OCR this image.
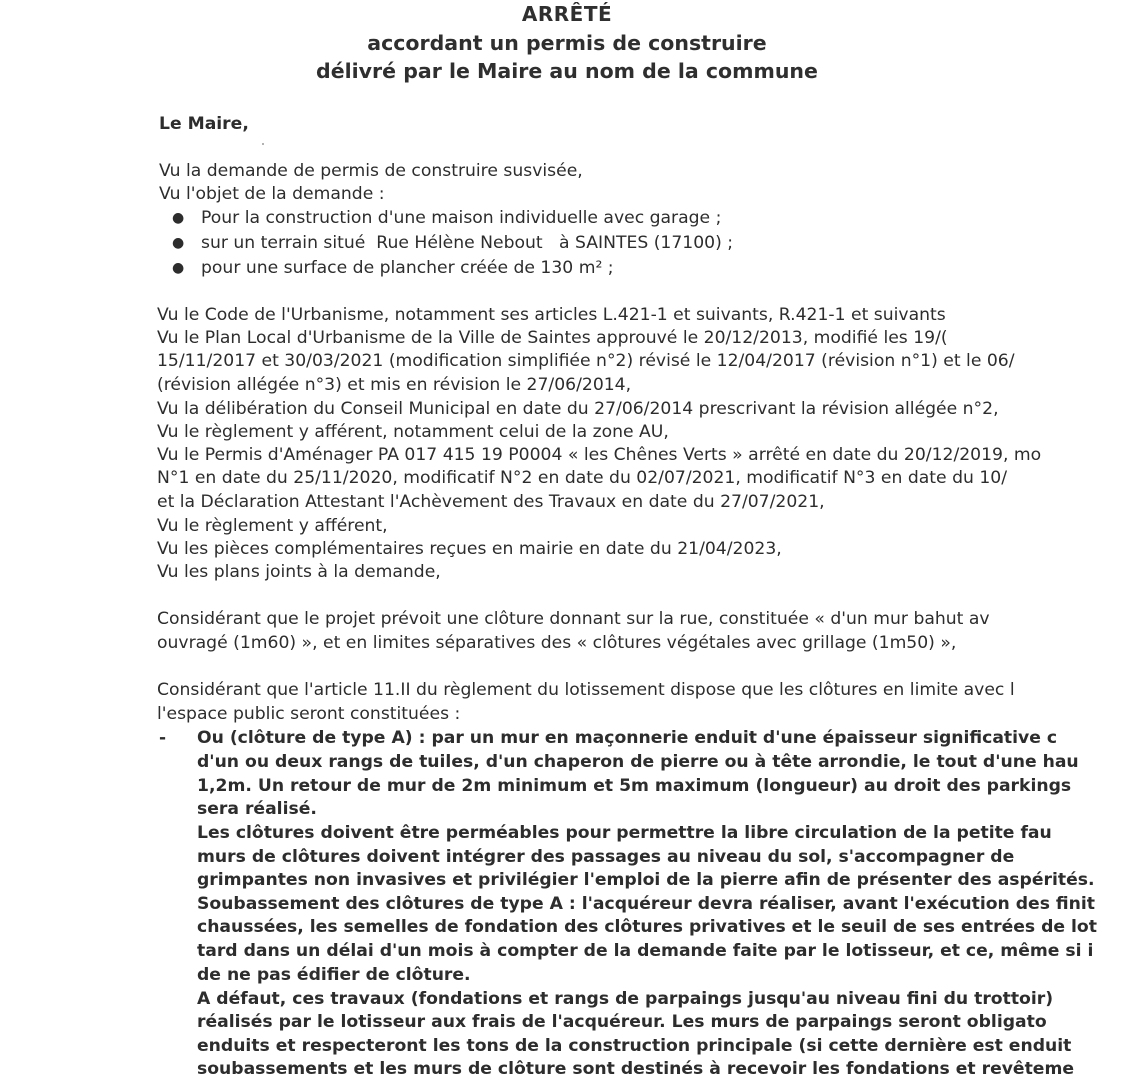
ARRÊTÉ
accordant un permis de construire
délivré par le Maire au nom de la commune
Le Maire,
Vu la demande de permis de construire susvisée,
Vu l'objet de la demande :
● Pour la construction d'une maison individuelle avec garage ;
● sur un terrain situé  Rue Hélène Nebout   à SAINTES (17100) ;
● pour une surface de plancher créée de 130 m² ;
Vu le Code de l'Urbanisme, notamment ses articles L.421-1 et suivants, R.421-1 et suivants
Vu le Plan Local d'Urbanisme de la Ville de Saintes approuvé le 20/12/2013, modifié les 19/(
15/11/2017 et 30/03/2021 (modification simplifiée n°2) révisé le 12/04/2017 (révision n°1) et le 06/
(révision allégée n°3) et mis en révision le 27/06/2014,
Vu la délibération du Conseil Municipal en date du 27/06/2014 prescrivant la révision allégée n°2,
Vu le règlement y afférent, notamment celui de la zone AU,
Vu le Permis d'Aménager PA 017 415 19 P0004 « les Chênes Verts » arrêté en date du 20/12/2019, mo
N°1 en date du 25/11/2020, modificatif N°2 en date du 02/07/2021, modificatif N°3 en date du 10/
et la Déclaration Attestant l'Achèvement des Travaux en date du 27/07/2021,
Vu le règlement y afférent,
Vu les pièces complémentaires reçues en mairie en date du 21/04/2023,
Vu les plans joints à la demande,
Considérant que le projet prévoit une clôture donnant sur la rue, constituée « d'un mur bahut av
ouvragé (1m60) », et en limites séparatives des « clôtures végétales avec grillage (1m50) »,
Considérant que l'article 11.II du règlement du lotissement dispose que les clôtures en limite avec l
l'espace public seront constituées :
- Ou (clôture de type A) : par un mur en maçonnerie enduit d'une épaisseur significative c
d'un ou deux rangs de tuiles, d'un chaperon de pierre ou à tête arrondie, le tout d'une hau
1,2m. Un retour de mur de 2m minimum et 5m maximum (longueur) au droit des parkings
sera réalisé.
Les clôtures doivent être perméables pour permettre la libre circulation de la petite fau
murs de clôtures doivent intégrer des passages au niveau du sol, s'accompagner de
grimpantes non invasives et privilégier l'emploi de la pierre afin de présenter des aspérités.
Soubassement des clôtures de type A : l'acquéreur devra réaliser, avant l'exécution des finit
chaussées, les semelles de fondation des clôtures privatives et le seuil de ses entrées de lot
tard dans un délai d'un mois à compter de la demande faite par le lotisseur, et ce, même si i
de ne pas édifier de clôture.
A défaut, ces travaux (fondations et rangs de parpaings jusqu'au niveau fini du trottoir)
réalisés par le lotisseur aux frais de l'acquéreur. Les murs de parpaings seront obligato
enduits et respecteront les tons de la construction principale (si cette dernière est enduit
soubassements et les murs de clôture sont destinés à recevoir les fondations et revêteme
